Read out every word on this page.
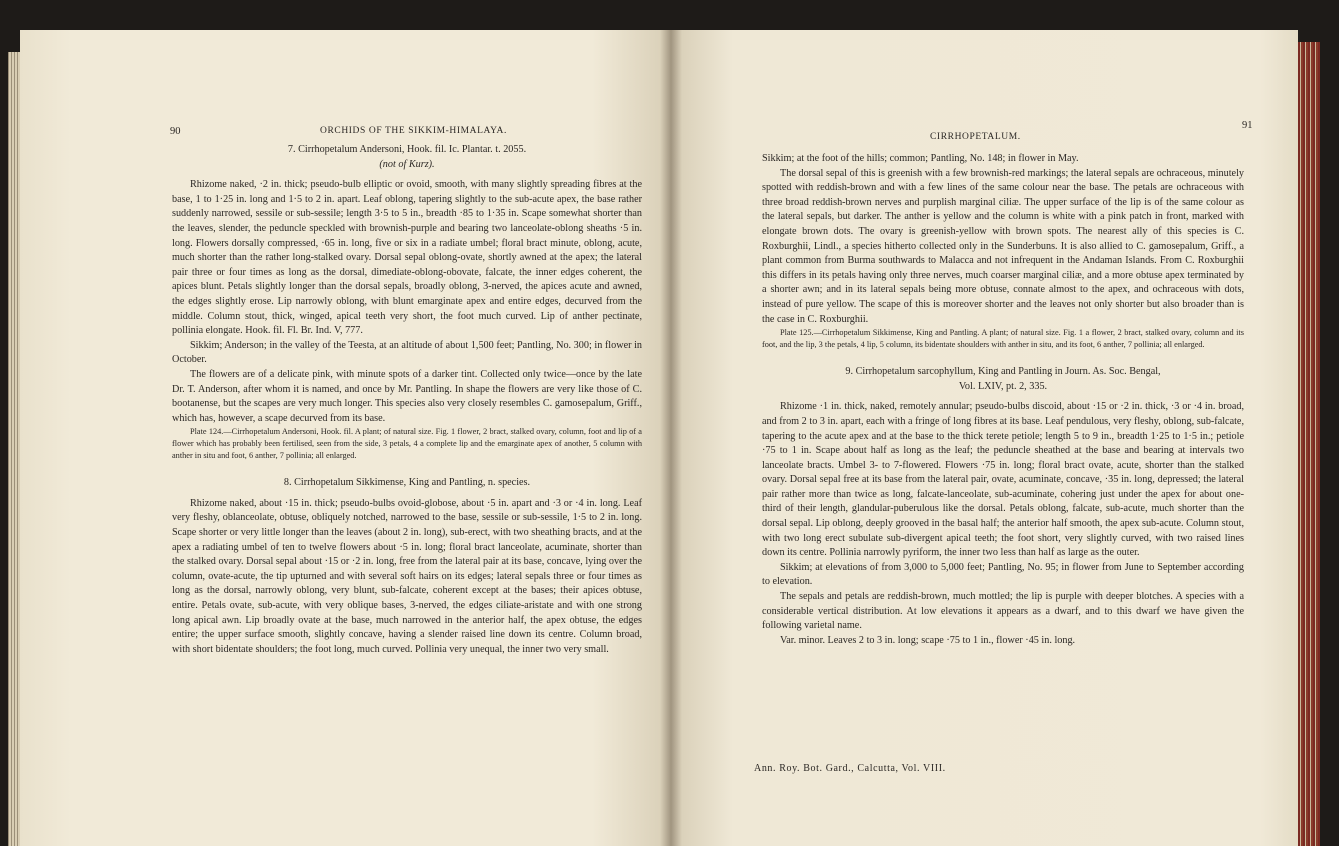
90	ORCHIDS OF THE SIKKIM-HIMALAYA.

7. Cirrhopetalum Andersoni, Hook. fil. Ic. Plantar. t. 2055.

(not of Kurz).

Rhizome naked, ·2 in. thick; pseudo-bulb elliptic or ovoid, smooth, with many slightly spreading fibres at the base, 1 to 1·25 in. long and 1·5 to 2 in. apart. Leaf oblong, tapering slightly to the sub-acute apex, the base rather suddenly narrowed, sessile or sub-sessile; length 3·5 to 5 in., breadth ·85 to 1·35 in. Scape somewhat shorter than the leaves, slender, the peduncle speckled with brownish-purple and bearing two lanceolate-oblong sheaths ·5 in. long. Flowers dorsally compressed, ·65 in. long, five or six in a radiate umbel; floral bract minute, oblong, acute, much shorter than the rather long-stalked ovary. Dorsal sepal oblong-ovate, shortly awned at the apex; the lateral pair three or four times as long as the dorsal, dimediate-oblong-obovate, falcate, the inner edges coherent, the apices blunt. Petals slightly longer than the dorsal sepals, broadly oblong, 3-nerved, the apices acute and awned, the edges slightly erose. Lip narrowly oblong, with blunt emarginate apex and entire edges, decurved from the middle. Column stout, thick, winged, apical teeth very short, the foot much curved. Lip of anther pectinate, pollinia elongate. Hook. fil. Fl. Br. Ind. V, 777.

Sikkim; Anderson; in the valley of the Teesta, at an altitude of about 1,500 feet; Pantling, No. 300; in flower in October.

The flowers are of a delicate pink, with minute spots of a darker tint. Collected only twice—once by the late Dr. T. Anderson, after whom it is named, and once by Mr. Pantling. In shape the flowers are very like those of C. bootanense, but the scapes are very much longer. This species also very closely resembles C. gamosepalum, Griff., which has, however, a scape decurved from its base.

Plate 124.—Cirrhopetalum Andersoni, Hook. fil. A plant; of natural size. Fig. 1 flower, 2 bract, stalked ovary, column, foot and lip of a flower which has probably been fertilised, seen from the side, 3 petals, 4 a complete lip and the emarginate apex of another, 5 column with anther in situ and foot, 6 anther, 7 pollinia; all enlarged.

8. Cirrhopetalum Sikkimense, King and Pantling, n. species.

Rhizome naked, about ·15 in. thick; pseudo-bulbs ovoid-globose, about ·5 in. apart and ·3 or ·4 in. long. Leaf very fleshy, oblanceolate, obtuse, obliquely notched, narrowed to the base, sessile or sub-sessile, 1·5 to 2 in. long. Scape shorter or very little longer than the leaves (about 2 in. long), sub-erect, with two sheathing bracts, and at the apex a radiating umbel of ten to twelve flowers about ·5 in. long; floral bract lanceolate, acuminate, shorter than the stalked ovary. Dorsal sepal about ·15 or ·2 in. long, free from the lateral pair at its base, concave, lying over the column, ovate-acute, the tip upturned and with several soft hairs on its edges; lateral sepals three or four times as long as the dorsal, narrowly oblong, very blunt, sub-falcate, coherent except at the bases; their apices obtuse, entire. Petals ovate, sub-acute, with very oblique bases, 3-nerved, the edges ciliate-aristate and with one strong long apical awn. Lip broadly ovate at the base, much narrowed in the anterior half, the apex obtuse, the edges entire; the upper surface smooth, slightly concave, having a slender raised line down its centre. Column broad, with short bidentate shoulders; the foot long, much curved. Pollinia very unequal, the inner two very small.

CIRRHOPETALUM.
91

Sikkim; at the foot of the hills; common; Pantling, No. 148; in flower in May.

The dorsal sepal of this is greenish with a few brownish-red markings; the lateral sepals are ochraceous, minutely spotted with reddish-brown and with a few lines of the same colour near the base. The petals are ochraceous with three broad reddish-brown nerves and purplish marginal ciliæ. The upper surface of the lip is of the same colour as the lateral sepals, but darker. The anther is yellow and the column is white with a pink patch in front, marked with elongate brown dots. The ovary is greenish-yellow with brown spots. The nearest ally of this species is C. Roxburghii, Lindl., a species hitherto collected only in the Sunderbuns. It is also allied to C. gamosepalum, Griff., a plant common from Burma southwards to Malacca and not infrequent in the Andaman Islands. From C. Roxburghii this differs in its petals having only three nerves, much coarser marginal ciliæ, and a more obtuse apex terminated by a shorter awn; and in its lateral sepals being more obtuse, connate almost to the apex, and ochraceous with dots, instead of pure yellow. The scape of this is moreover shorter and the leaves not only shorter but also broader than is the case in C. Roxburghii.

Plate 125.—Cirrhopetalum Sikkimense, King and Pantling. A plant; of natural size. Fig. 1 a flower, 2 bract, stalked ovary, column and its foot, and the lip, 3 the petals, 4 lip, 5 column, its bidentate shoulders with anther in situ, and its foot, 6 anther, 7 pollinia; all enlarged.

9. Cirrhopetalum sarcophyllum, King and Pantling in Journ. As. Soc. Bengal,

Vol. LXIV, pt. 2, 335.

Rhizome ·1 in. thick, naked, remotely annular; pseudo-bulbs discoid, about ·15 or ·2 in. thick, ·3 or ·4 in. broad, and from 2 to 3 in. apart, each with a fringe of long fibres at its base. Leaf pendulous, very fleshy, oblong, sub-falcate, tapering to the acute apex and at the base to the thick terete petiole; length 5 to 9 in., breadth 1·25 to 1·5 in.; petiole ·75 to 1 in. Scape about half as long as the leaf; the peduncle sheathed at the base and bearing at intervals two lanceolate bracts. Umbel 3- to 7-flowered. Flowers ·75 in. long; floral bract ovate, acute, shorter than the stalked ovary. Dorsal sepal free at its base from the lateral pair, ovate, acuminate, concave, ·35 in. long, depressed; the lateral pair rather more than twice as long, falcate-lanceolate, sub-acuminate, cohering just under the apex for about one-third of their length, glandular-puberulous like the dorsal. Petals oblong, falcate, sub-acute, much shorter than the dorsal sepal. Lip oblong, deeply grooved in the basal half; the anterior half smooth, the apex sub-acute. Column stout, with two long erect subulate sub-divergent apical teeth; the foot short, very slightly curved, with two raised lines down its centre. Pollinia narrowly pyriform, the inner two less than half as large as the outer.

Sikkim; at elevations of from 3,000 to 5,000 feet; Pantling, No. 95; in flower from June to September according to elevation.

The sepals and petals are reddish-brown, much mottled; the lip is purple with deeper blotches. A species with a considerable vertical distribution. At low elevations it appears as a dwarf, and to this dwarf we have given the following varietal name.

Var. minor. Leaves 2 to 3 in. long; scape ·75 to 1 in., flower ·45 in. long.

Ann. Roy. Bot. Gard., Calcutta, Vol. VIII.
